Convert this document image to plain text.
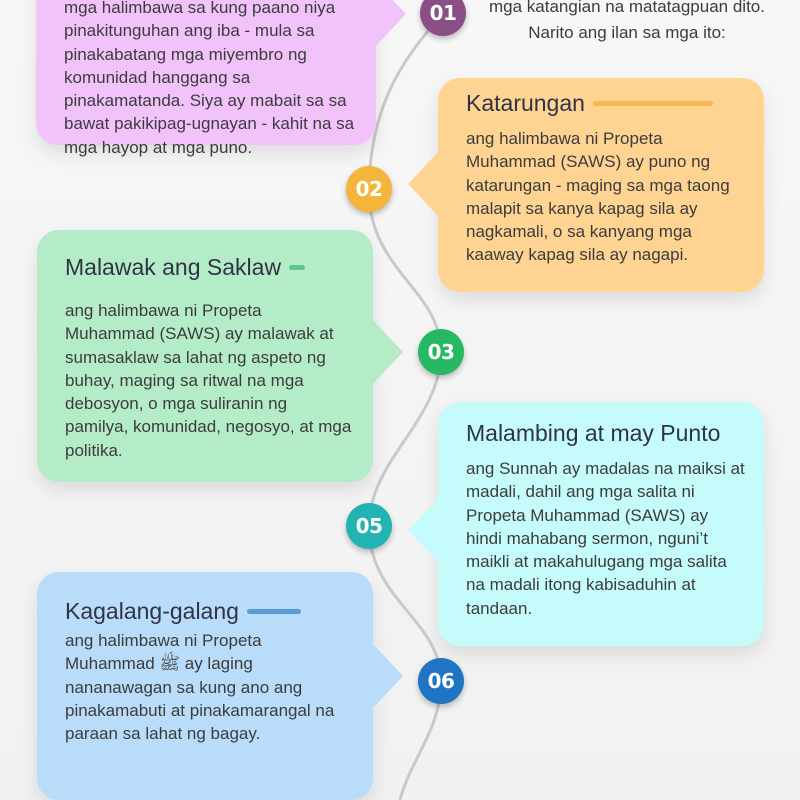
mga katangian na matatagpuan dito. Narito ang ilan sa mga ito:

mga halimbawa sa kung paano niya pinakitunguhan ang iba - mula sa pinakabatang mga miyembro ng komunidad hanggang sa pinakamatanda. Siya ay mabait sa sa bawat pakikipag-ugnayan - kahit na sa mga hayop at mga puno.

Katarungan

ang halimbawa ni Propeta Muhammad (SAWS) ay puno ng katarungan - maging sa mga taong malapit sa kanya kapag sila ay nagkamali, o sa kanyang mga kaaway kapag sila ay nagapi.

Malawak ang Saklaw

ang halimbawa ni Propeta Muhammad (SAWS) ay malawak at sumasaklaw sa lahat ng aspeto ng buhay, maging sa ritwal na mga debosyon, o mga suliranin ng pamilya, komunidad, negosyo, at mga politika.

Malambing at may Punto

ang Sunnah ay madalas na maiksi at madali, dahil ang mga salita ni Propeta Muhammad (SAWS) ay hindi mahabang sermon, nguni’t maikli at makahulugang mga salita na madali itong kabisaduhin at tandaan.

Kagalang-galang

ang halimbawa ni Propeta Muhammad ﷺ ay laging nananawagan sa kung ano ang pinakamabuti at pinakamarangal na paraan sa lahat ng bagay.

01
02
03
05
06
